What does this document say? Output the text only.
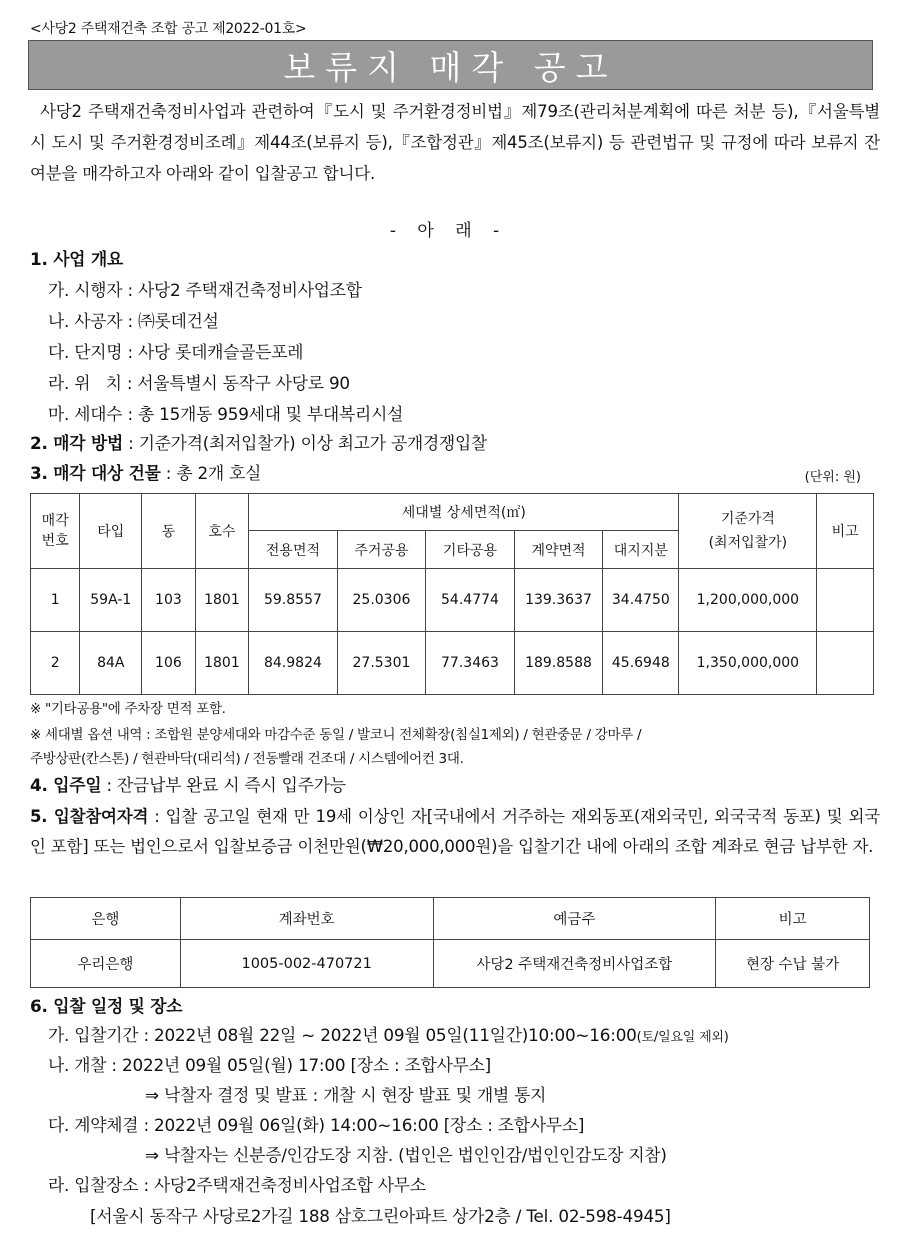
<사당2 주택재건축 조합 공고 제2022-01호>
보류지 매각 공고

사당2 주택재건축정비사업과 관련하여『도시 및 주거환경정비법』제79조(관리처분계획에 따른 처분 등),『서울특별시 도시 및 주거환경정비조례』제44조(보류지 등),『조합정관』제45조(보류지) 등 관련법규 및 규정에 따라 보류지 잔여분을 매각하고자 아래와 같이 입찰공고 합니다.

- 아 래 -
1. 사업 개요
가. 시행자 : 사당2 주택재건축정비사업조합
나. 사공자 : ㈜롯데건설
다. 단지명 : 사당 롯데캐슬골든포레
라. 위   치 : 서울특별시 동작구 사당로 90
마. 세대수 : 총 15개동 959세대 및 부대복리시설
2. 매각 방법 : 기준가격(최저입찰가) 이상 최고가 공개경쟁입찰
3. 매각 대상 건물 : 총 2개 호실	(단위: 원)
매각
번호	타입	동	호수	세대별 상세면적(㎡)					기준가격
(최저입찰가)	비고
				전용면적	주거공용	기타공용	계약면적	대지지분		
1	59A-1	103	1801	59.8557	25.0306	54.4774	139.3637	34.4750	1,200,000,000	
2	84A	106	1801	84.9824	27.5301	77.3463	189.8588	45.6948	1,350,000,000	
※ "기타공용"에 주차장 면적 포함.
※ 세대별 옵션 내역 : 조합원 분양세대와 마감수준 동일 / 발코니 전체확장(침실1제외) / 현관중문 / 강마루 /
주방상판(칸스톤) / 현관바닥(대리석) / 전동빨래 건조대 / 시스템에어컨 3대.
4. 입주일 : 잔금납부 완료 시 즉시 입주가능

5. 입찰참여자격 : 입찰 공고일 현재 만 19세 이상인 자[국내에서 거주하는 재외동포(재외국민, 외국국적 동포) 및 외국인 포함] 또는 법인으로서 입찰보증금 이천만원(₩20,000,000원)을 입찰기간 내에 아래의 조합 계좌로 현금 납부한 자.

은행	계좌번호	예금주	비고
우리은행	1005-002-470721	사당2 주택재건축정비사업조합	현장 수납 불가
6. 입찰 일정 및 장소
가. 입찰기간 : 2022년 08월 22일 ~ 2022년 09월 05일(11일간)10:00~16:00(토/일요일 제외)
나. 개찰 : 2022년 09월 05일(월) 17:00 [장소 : 조합사무소]
⇒ 낙찰자 결정 및 발표 : 개찰 시 현장 발표 및 개별 통지
다. 계약체결 : 2022년 09월 06일(화) 14:00~16:00 [장소 : 조합사무소]
⇒ 낙찰자는 신분증/인감도장 지참. (법인은 법인인감/법인인감도장 지참)
라. 입찰장소 : 사당2주택재건축정비사업조합 사무소
[서울시 동작구 사당로2가길 188 삼호그린아파트 상가2층 / Tel. 02-598-4945]
